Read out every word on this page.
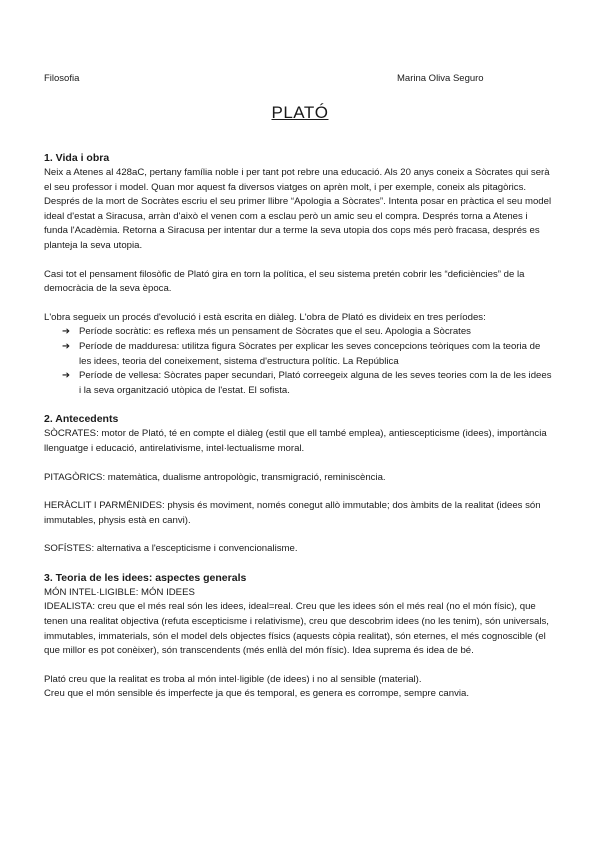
Filosofia	Marina Oliva Seguro
PLATÓ

1. Vida i obra

Neix a Atenes al 428aC, pertany família noble i per tant pot rebre una educació. Als 20 anys coneix a Sòcrates qui serà el seu professor i model. Quan mor aquest fa diversos viatges on aprèn molt, i per exemple, coneix als pitagòrics. Després de la mort de Socràtes escriu el seu primer llibre “Apologia a Sòcrates”. Intenta posar en pràctica el seu model ideal d'estat a Siracusa, arràn d'això el venen com a esclau però un amic seu el compra. Després torna a Atenes i funda l'Acadèmia. Retorna a Siracusa per intentar dur a terme la seva utopia dos cops més però fracasa, després es planteja la seva utopia.

Casi tot el pensament filosòfic de Plató gira en torn la política, el seu sistema pretén cobrir les “deficiències” de la democràcia de la seva època.

L'obra segueix un procés d'evolució i està escrita en diàleg. L'obra de Plató es divideix en tres períodes:

➔ Període socràtic: es reflexa més un pensament de Sòcrates que el seu. Apologia a Sòcrates
➔ Període de madduresa: utilitza figura Sòcrates per explicar les seves concepcions teòriques com la teoria de les idees, teoria del coneixement, sistema d'estructura polític. La República
➔ Període de vellesa: Sòcrates paper secundari, Plató correegeix alguna de les seves teories com la de les idees i la seva organització utòpica de l'estat. El sofista.

2. Antecedents

SÒCRATES: motor de Plató, té en compte el diàleg (estil que ell també emplea), antiescepticisme (idees), importància llenguatge i educació, antirelativisme, intel·lectualisme moral.

PITAGÒRICS: matemàtica, dualisme antropològic, transmigració, reminiscència.

HERÀCLIT I PARMÈNIDES: physis és moviment, només conegut allò immutable; dos àmbits de la realitat (idees són immutables, physis està en canvi).

SOFÍSTES: alternativa a l'escepticisme i convencionalisme.

3. Teoria de les idees: aspectes generals

MÓN INTEL·LIGIBLE: MÓN IDEES

IDEALISTA: creu que el més real són les idees, ideal=real. Creu que les idees són el més real (no el món físic), que tenen una realitat objectiva (refuta escepticisme i relativisme), creu que descobrim idees (no les tenim), són universals, immutables, immaterials, són el model dels objectes físics (aquests còpia realitat), són eternes, el més cognoscible (el que millor es pot conèixer), són transcendents (més enllà del món físic). Idea suprema és idea de bé.

Plató creu que la realitat es troba al món intel·ligible (de idees) i no al sensible (material).

Creu que el món sensible és imperfecte ja que és temporal, es genera es corrompe, sempre canvia.
